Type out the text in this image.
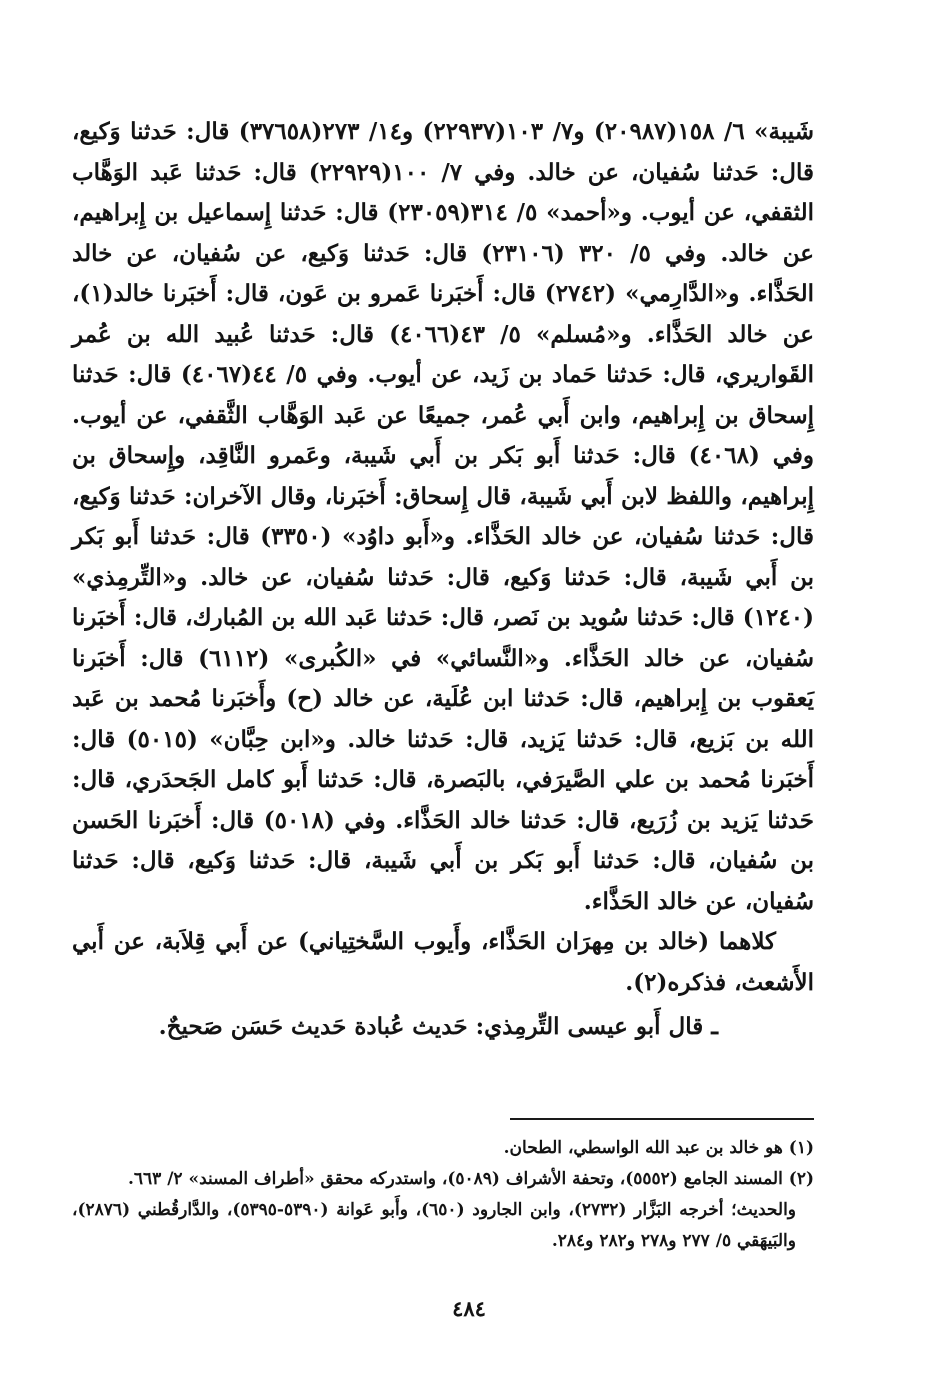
شَيبة» ٦/ ١٥٨(٢٠٩٨٧) و٧/ ١٠٣(٢٢٩٣٧) و١٤/ ٢٧٣(٣٧٦٥٨) قال: حَدثنا وَكيع، قال: حَدثنا سُفيان، عن خالد. وفي ٧/ ١٠٠(٢٢٩٢٩) قال: حَدثنا عَبد الوَهَّاب الثقفي، عن أيوب. و«أحمد» ٥/ ٣١٤(٢٣٠٥٩) قال: حَدثنا إِسماعيل بن إِبراهيم، عن خالد. وفي ٥/ ٣٢٠ (٢٣١٠٦) قال: حَدثنا وَكيع، عن سُفيان، عن خالد الحَذَّاء. و«الدَّارِمي» (٢٧٤٢) قال: أَخبَرنا عَمرو بن عَون، قال: أَخبَرنا خالد(١)، عن خالد الحَذَّاء. و«مُسلم» ٥/ ٤٣(٤٠٦٦) قال: حَدثنا عُبيد الله بن عُمر القَواريري، قال: حَدثنا حَماد بن زَيد، عن أيوب. وفي ٥/ ٤٤(٤٠٦٧) قال: حَدثنا إِسحاق بن إِبراهيم، وابن أَبي عُمر، جميعًا عن عَبد الوَهَّاب الثَّقفي، عن أيوب. وفي (٤٠٦٨) قال: حَدثنا أَبو بَكر بن أَبي شَيبة، وعَمرو النَّاقِد، وإِسحاق بن إِبراهيم، واللفظ لابن أَبي شَيبة، قال إِسحاق: أَخبَرنا، وقال الآخران: حَدثنا وَكيع، قال: حَدثنا سُفيان، عن خالد الحَذَّاء. و«أَبو داوُد» (٣٣٥٠) قال: حَدثنا أَبو بَكر بن أَبي شَيبة، قال: حَدثنا وَكيع، قال: حَدثنا سُفيان، عن خالد. و«التِّرمِذي» (١٢٤٠) قال: حَدثنا سُويد بن نَصر، قال: حَدثنا عَبد الله بن المُبارك، قال: أَخبَرنا سُفيان، عن خالد الحَذَّاء. و«النَّسائي» في «الكُبرى» (٦١١٢) قال: أَخبَرنا يَعقوب بن إِبراهيم، قال: حَدثنا ابن عُلَية، عن خالد (ح) وأَخبَرنا مُحمد بن عَبد الله بن بَزيع، قال: حَدثنا يَزيد، قال: حَدثنا خالد. و«ابن حِبَّان» (٥٠١٥) قال: أَخبَرنا مُحمد بن علي الصَّيرَفي، بالبَصرة، قال: حَدثنا أَبو كامل الجَحدَري، قال: حَدثنا يَزيد بن زُرَيع، قال: حَدثنا خالد الحَذَّاء. وفي (٥٠١٨) قال: أَخبَرنا الحَسن بن سُفيان، قال: حَدثنا أَبو بَكر بن أَبي شَيبة، قال: حَدثنا وَكيع، قال: حَدثنا سُفيان، عن خالد الحَذَّاء.

كلاهما (خالد بن مِهرَان الحَذَّاء، وأَيوب السَّختِياني) عن أَبي قِلاَبة، عن أَبي الأَشعث، فذكره(٢).

ـ قال أَبو عيسى التِّرمِذي: حَديث عُبادة حَديث حَسَن صَحيحٌ.

(١) هو خالد بن عبد الله الواسطي، الطحان.

(٢) المسند الجامع (٥٥٥٢)، وتحفة الأشراف (٥٠٨٩)، واستدركه محقق «أطراف المسند» ٢/ ٦٦٣.

والحديث؛ أخرجه البَزَّار (٢٧٣٢)، وابن الجارود (٦٥٠)، وأَبو عَوانة (٥٣٩٠-٥٣٩٥)، والدَّارقُطني (٢٨٧٦)، والبَيهَقي ٥/ ٢٧٧ و٢٧٨ و٢٨٢ و٢٨٤.

٤٨٤
